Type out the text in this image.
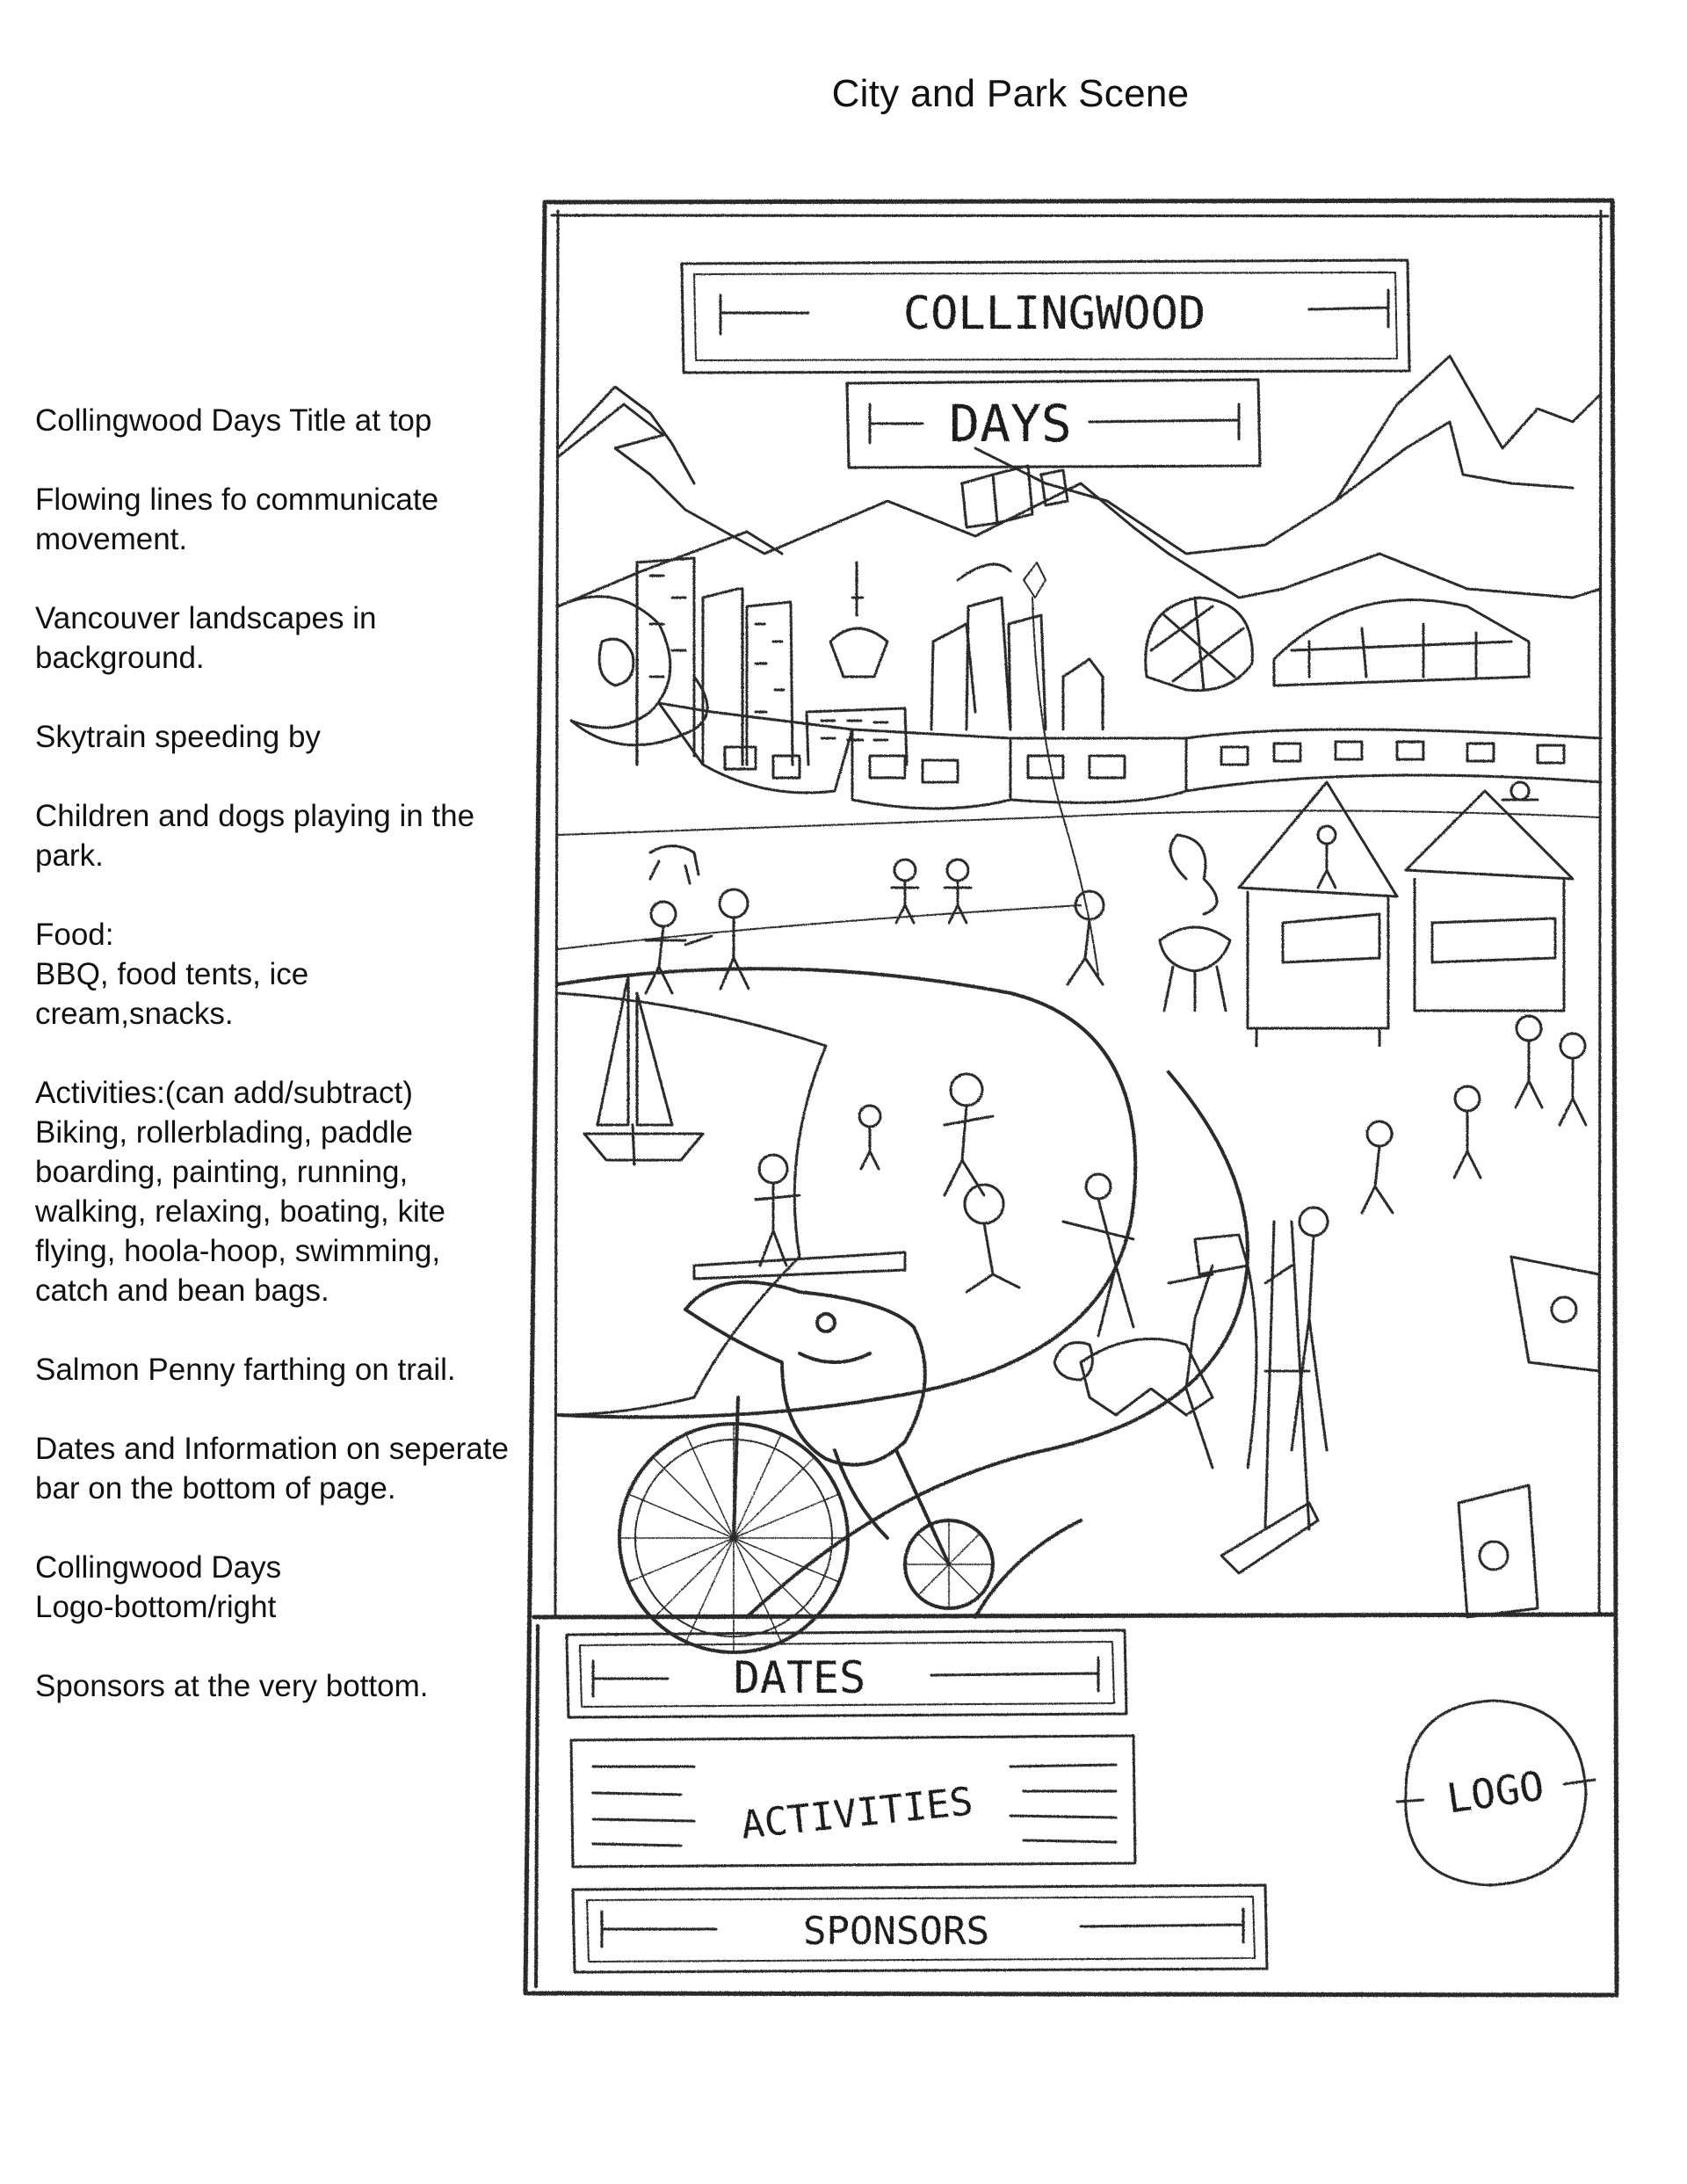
City and Park Scene

Collingwood Days Title at top

Flowing lines fo communicate movement.

Vancouver landscapes in background.

Skytrain speeding by

Children and dogs playing in the park.

Food:
BBQ, food tents, ice cream,snacks.

Activities:(can add/subtract) Biking, rollerblading, paddle boarding, painting, running, walking, relaxing, boating, kite flying, hoola-hoop, swimming, catch and bean bags.

Salmon Penny farthing on trail.

Dates and Information on seperate bar on the bottom of page.

Collingwood Days
Logo-bottom/right

Sponsors at the very bottom.

COLLINGWOOD
DAYS
DATES
ACTIVITIES
SPONSORS
LOGO
